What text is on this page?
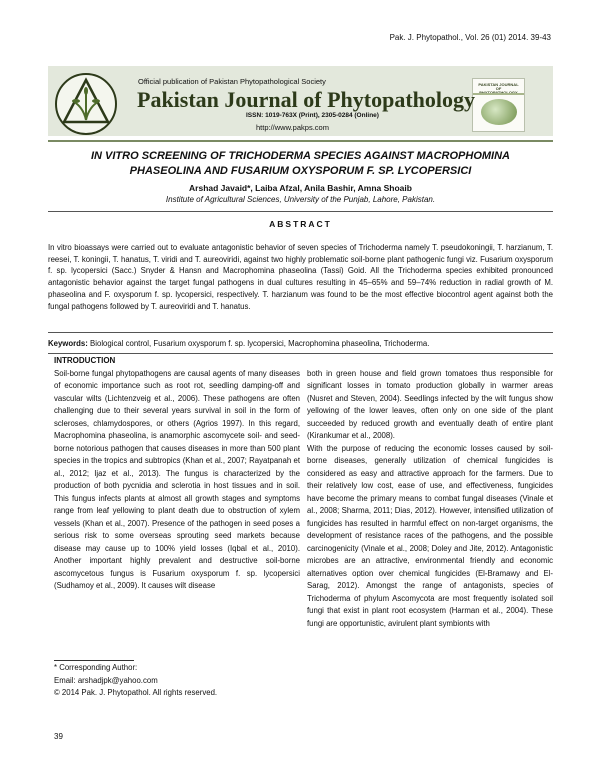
Pak. J. Phytopathol., Vol. 26 (01) 2014. 39-43
PAKISTAN JOURNAL OF
Official publication of Pakistan Phytopathological Society
Pakistan Journal of Phytopathology
ISSN: 1019-763X (Print), 2305-0284 (Online)
http://www.pakps.com
IN VITRO SCREENING OF TRICHODERMA SPECIES AGAINST MACROPHOMINA
PHASEOLINA AND FUSARIUM OXYSPORUM F. SP. LYCOPERSICI
Arshad Javaid*, Laiba Afzal, Anila Bashir, Amna Shoaib
Institute of Agricultural Sciences, University of the Punjab, Lahore, Pakistan.
ABSTRACT
In vitro bioassays were carried out to evaluate antagonistic behavior of seven species of Trichoderma namely T. pseudokoningii, T. harzianum, T. reesei, T. koningii, T. hanatus, T. viridi and T. aureoviridi, against two highly problematic soil-borne plant pathogenic fungi viz. Fusarium oxysporum f. sp. lycopersici (Sacc.) Snyder & Hansn and Macrophomina phaseolina (Tassi) Goid. All the Trichoderma species exhibited pronounced antagonistic behavior against the target fungal pathogens in dual cultures resulting in 45–65% and 59–74% reduction in radial growth of M. phaseolina and F. oxysporum f. sp. lycopersici, respectively. T. harzianum was found to be the most effective biocontrol agent against both the fungal pathogens followed by T. aureoviridi and T. hanatus.
Keywords: Biological control, Fusarium oxysporum f. sp. lycopersici, Macrophomina phaseolina, Trichoderma.
INTRODUCTION
Soil-borne fungal phytopathogens are causal agents of many diseases of economic importance such as root rot, seedling damping-off and vascular wilts (Lichtenzveig et al., 2006). These pathogens are often challenging due to their several years survival in soil in the form of scleroses, chlamydospores, or others (Agrios 1997). In this regard, Macrophomina phaseolina, is anamorphic ascomycete soil- and seed-borne notorious pathogen that causes diseases in more than 500 plant species in the tropics and subtropics (Khan et al., 2007; Rayatpanah et al., 2012; Ijaz et al., 2013). The fungus is characterized by the production of both pycnidia and sclerotia in host tissues and in soil. This fungus infects plants at almost all growth stages and symptoms range from leaf yellowing to plant death due to obstruction of xylem vessels (Khan et al., 2007). Presence of the pathogen in seed poses a serious risk to some overseas sprouting seed markets because disease may cause up to 100% yield losses (Iqbal et al., 2010). Another important highly prevalent and destructive soil-borne ascomycetous fungus is Fusarium oxysporum f. sp. lycopersici (Sudhamoy et al., 2009). It causes wilt disease

both in green house and field grown tomatoes thus responsible for significant losses in tomato production globally in warmer areas (Nusret and Steven, 2004). Seedlings infected by the wilt fungus show yellowing of the lower leaves, often only on one side of the plant succeeded by reduced growth and eventually death of entire plant (Kirankumar et al., 2008).
With the purpose of reducing the economic losses caused by soil-borne diseases, generally utilization of chemical fungicides is considered as easy and attractive approach for the farmers. Due to their relatively low cost, ease of use, and effectiveness, fungicides have become the primary means to combat fungal diseases (Vinale et al., 2008; Sharma, 2011; Dias, 2012). However, intensified utilization of fungicides has resulted in harmful effect on non-target organisms, the development of resistance races of the pathogens, and the possible carcinogenicity (Vinale et al., 2008; Doley and Jite, 2012). Antagonistic microbes are an attractive, environmental friendly and economic alternatives option over chemical fungicides (El-Bramawy and El-Sarag, 2012). Amongst the range of antagonists, species of Trichoderma of phylum Ascomycota are most frequently isolated soil fungi that exist in plant root ecosystem (Harman et al., 2004). These fungi are opportunistic, avirulent plant symbionts with

* Corresponding Author:
Email: arshadjpk@yahoo.com
© 2014 Pak. J. Phytopathol. All rights reserved.
39
